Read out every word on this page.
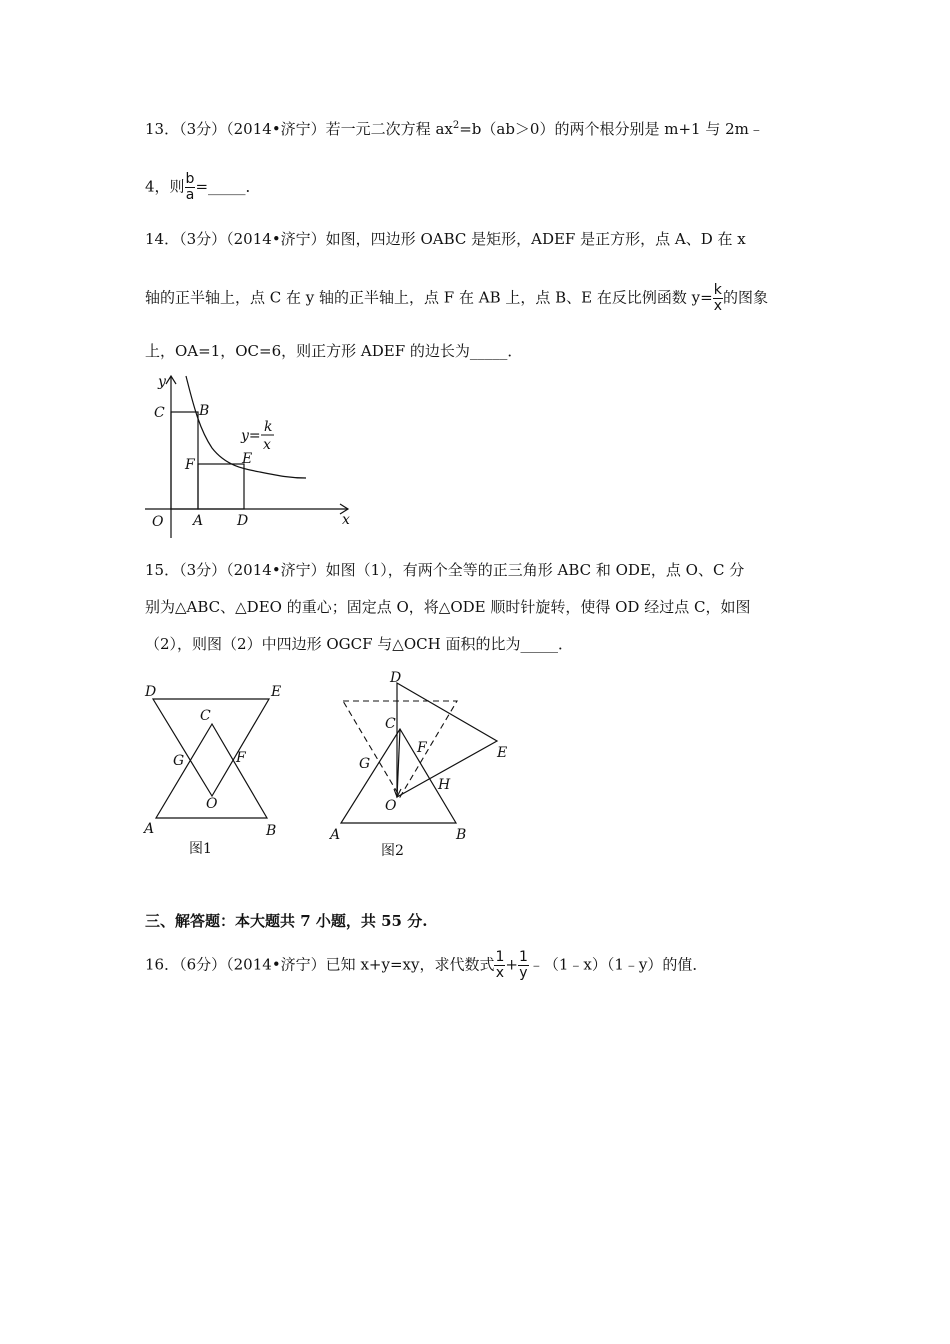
13．（3分）（2014•济宁）若一元二次方程 $ax^2=b(ab>0)$的两个根分别是 m+1 与 2m﹣
4，则 $\frac{b}{a}$ =_____．
14．（3分）（2014•济宁）如图，四边形 OABC 是矩形，ADEF 是正方形，点 A、D 在 x
轴的正半轴上，点 C 在 y 轴的正半轴上，点 F 在 AB 上，点 B、E 在反比例函数 $y= \frac{k}{x}$ 的图象
上，OA=1，OC=6，则正方形 ADEF 的边长为_____．
y
x
O A D
C B
F	E
y=
k
x
15．（3分）（2014•济宁）如图（1），有两个全等的正三角形 ABC 和 ODE，点 O、C 分
别为△ABC、△DEO 的重心；固定点 O，将△ODE 顺时针旋转，使得 OD 经过点 C，如图
（2），则图（2）中四边形 OGCF 与△OCH 面积的比为_____．
D	E
C
G	F
O
A	B
图1
D
C
F	E
G
H
O
A	B
图2
三、解答题：本大题共 7 小题，共 55 分.
16．（6分）（2014•济宁）已知 x+y=xy，求代数式 $\frac{1}{x} + \frac{1}{y}$ ﹣（1﹣x）（1﹣y）的值．
